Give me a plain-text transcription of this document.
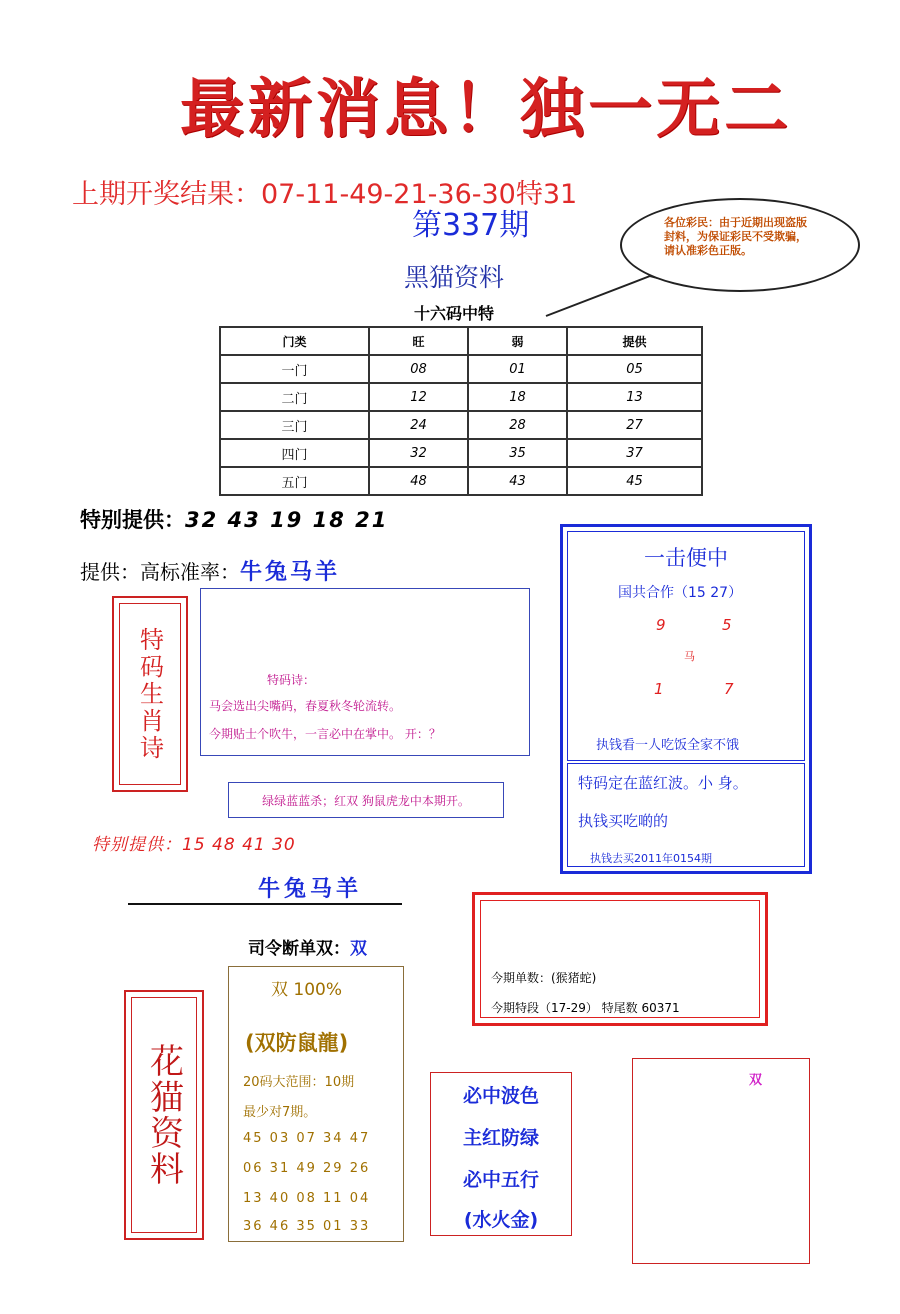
最新消息！独一无二
上期开奖结果：07-11-49-21-36-30特31
第337期	各位彩民：由于近期出现盗版封料，为保证彩民不受欺骗，请认准彩色正版。
黑猫资料
十六码中特
门类	旺	弱	提供
一门	08	01	05
二门	12	18	13
三门	24	28	27
四门	32	35	37
五门	48	43	45
特别提供：32 43 19 18 21
提供：高标准率：牛兔马羊
特码生肖诗	特码诗：
马会选出尖嘴码，春夏秋冬轮流转。
今期贴士个吹牛，一言必中在掌中。 开：？
绿绿蓝蓝杀；红双 狗鼠虎龙中本期开。
特别提供：15 48 41 30
一击便中
国共合作（15 27）
9	5
马
1	7
执钱看一人吃饭全家不饿
特码定在蓝红波。小 身。
执钱买吃啲的
执钱去买2011年0154期
牛兔马羊
司令断单双：双
今期单数：(猴猪蛇)
今期特段（17-29） 特尾数 60371
花猫资料
双 100%
(双防鼠龍)
20码大范围：10期
最少对7期。
45 03 07 34 47
06 31 49 29 26
13 40 08 11 04
36 46 35 01 33
必中波色
主红防绿
必中五行
(水火金)
双
